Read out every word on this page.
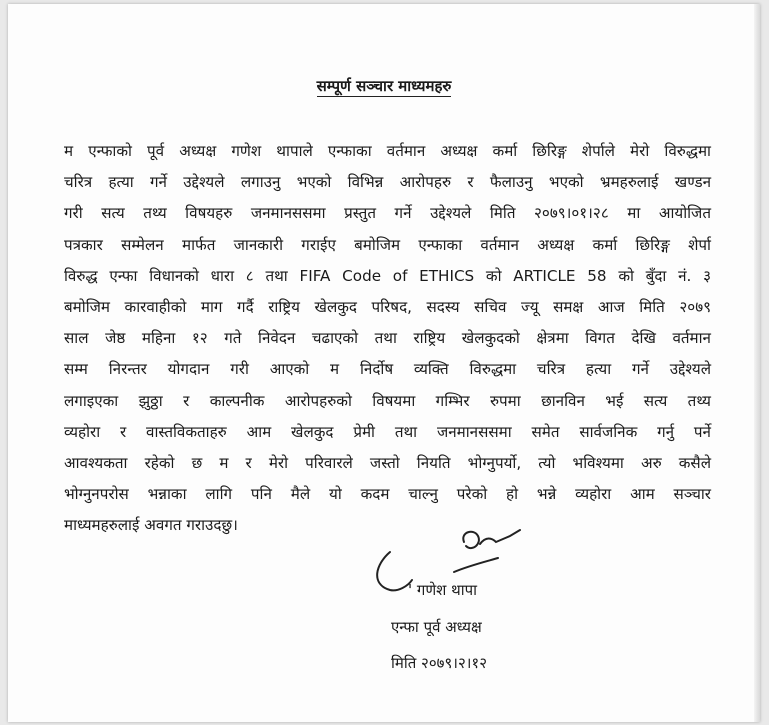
सम्पूर्ण सञ्चार माध्यमहरु
म एन्फाको पूर्व अध्यक्ष गणेश थापाले एन्फाका वर्तमान अध्यक्ष कर्मा छिरिङ्ग शेर्पाले मेरो विरुद्धमा
चरित्र हत्या गर्ने उद्देश्यले लगाउनु भएको विभिन्न आरोपहरु र फैलाउनु भएको भ्रमहरुलाई खण्डन
गरी सत्य तथ्य विषयहरु जनमानससमा प्रस्तुत गर्ने उद्देश्यले मिति २०७९।०१।२८ मा आयोजित
पत्रकार सम्मेलन मार्फत जानकारी गराईए बमोजिम एन्फाका वर्तमान अध्यक्ष कर्मा छिरिङ्ग शेर्पा
विरुद्ध एन्फा विधानको धारा ८ तथा FIFA Code of ETHICS को ARTICLE 58 को बुँदा नं. ३
बमोजिम कारवाहीको माग गर्दै राष्ट्रिय खेलकुद परिषद, सदस्य सचिव ज्यू समक्ष आज मिति २०७९
साल जेष्ठ महिना १२ गते निवेदन चढाएको तथा राष्ट्रिय खेलकुदको क्षेत्रमा विगत देखि वर्तमान
सम्म निरन्तर योगदान गरी आएको म निर्दोष व्यक्ति विरुद्धमा चरित्र हत्या गर्ने उद्देश्यले
लगाइएका झुठ्ठा र काल्पनीक आरोपहरुको विषयमा गम्भिर रुपमा छानविन भई सत्य तथ्य
व्यहोरा र वास्तविकताहरु आम खेलकुद प्रेमी तथा जनमानससमा समेत सार्वजनिक गर्नु पर्ने
आवश्यकता रहेको छ म र मेरो परिवारले जस्तो नियति भोग्नुपर्यो, त्यो भविश्यमा अरु कसैले
भोग्नुनपरोस भन्नाका लागि पनि मैले यो कदम चाल्नु परेको हो भन्ने व्यहोरा आम सञ्चार
माध्यमहरुलाई अवगत गराउदछु।
' गणेश थापा
एन्फा पूर्व अध्यक्ष
मिति २०७९।२।१२
